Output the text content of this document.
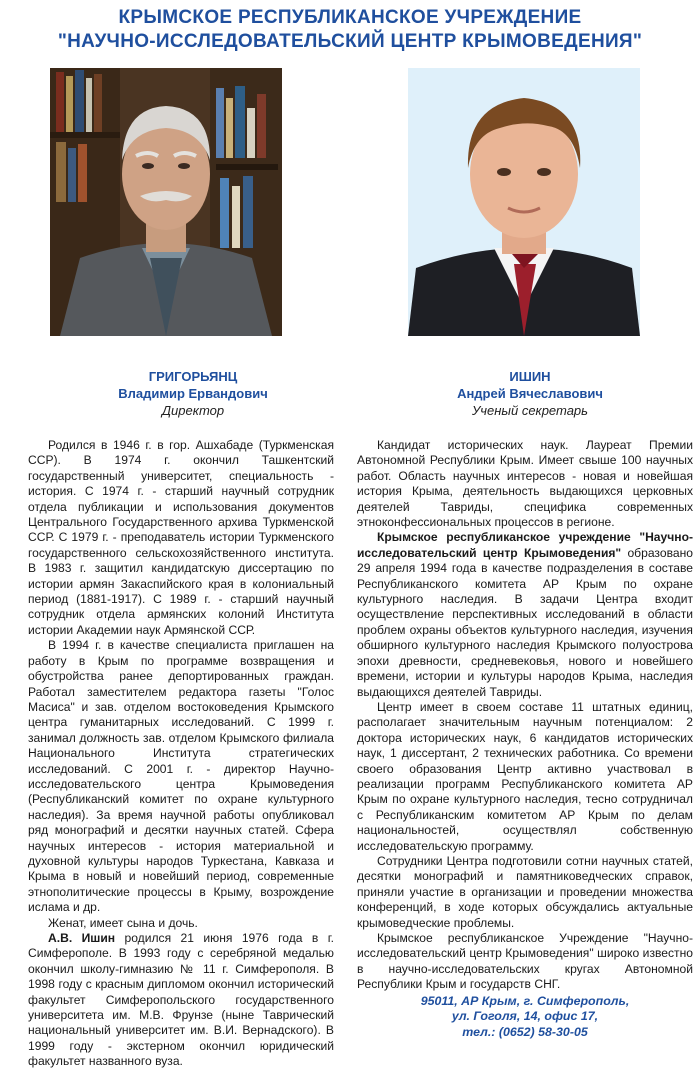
КРЫМСКОЕ РЕСПУБЛИКАНСКОЕ УЧРЕЖДЕНИЕ
"НАУЧНО-ИССЛЕДОВАТЕЛЬСКИЙ ЦЕНТР КРЫМОВЕДЕНИЯ"
ГРИГОРЬЯНЦ
Владимир Ервандович
Директор
ИШИН
Андрей Вячеславович
Ученый секретарь

Родился в 1946 г. в гор. Ашхабаде (Туркменская ССР). В 1974 г. окончил Ташкентский государственный университет, специальность - история. С 1974 г. - старший научный сотрудник отдела публикации и использования документов Центрального Государственного архива Туркменской ССР. С 1979 г. - преподаватель истории Туркменского государственного сельскохозяйственного института. В 1983 г. защитил кандидатскую диссертацию по истории армян Закаспийского края в колониальный период (1881-1917). С 1989 г. - старший научный сотрудник отдела армянских колоний Института истории Академии наук Армянской ССР.

В 1994 г. в качестве специалиста приглашен на работу в Крым по программе возвращения и обустройства ранее депортированных граждан. Работал заместителем редактора газеты "Голос Масиса" и зав. отделом востоковедения Крымского центра гуманитарных исследований. С 1999 г. занимал должность зав. отделом Крымского филиала Национального Института стратегических исследований. С 2001 г. - директор Научно-исследовательского центра Крымоведения (Республиканский комитет по охране культурного наследия). За время научной работы опубликовал ряд монографий и десятки научных статей. Сфера научных интересов - история материальной и духовной культуры народов Туркестана, Кавказа и Крыма в новый и новейший период, современные этнополитические процессы в Крыму, возрождение ислама и др.

Женат, имеет сына и дочь.

А.В. Ишин родился 21 июня 1976 года в г. Симферополе. В 1993 году с серебряной медалью окончил школу-гимназию № 11 г. Симферополя. В 1998 году с красным дипломом окончил исторический факультет Симферопольского государственного университета им. М.В. Фрунзе (ныне Таврический национальный университет им. В.И. Вернадского). В 1999 году - экстерном окончил юридический факультет названного вуза.

Кандидат исторических наук. Лауреат Премии Автономной Республики Крым. Имеет свыше 100 научных работ. Область научных интересов - новая и новейшая история Крыма, деятельность выдающихся церковных деятелей Тавриды, специфика современных этноконфессиональных процессов в регионе.

Крымское республиканское учреждение "Научно-исследовательский центр Крымоведения" образовано 29 апреля 1994 года в качестве подразделения в составе Республиканского комитета АР Крым по охране культурного наследия. В задачи Центра входит осуществление перспективных исследований в области проблем охраны объектов культурного наследия, изучения обширного культурного наследия Крымского полуострова эпохи древности, средневековья, нового и новейшего времени, истории и культуры народов Крыма, наследия выдающихся деятелей Тавриды.

Центр имеет в своем составе 11 штатных единиц, располагает значительным научным потенциалом: 2 доктора исторических наук, 6 кандидатов исторических наук, 1 диссертант, 2 технических работника. Со времени своего образования Центр активно участвовал в реализации программ Республиканского комитета АР Крым по охране культурного наследия, тесно сотрудничал с Республиканским комитетом АР Крым по делам национальностей, осуществлял собственную исследовательскую программу.

Сотрудники Центра подготовили сотни научных статей, десятки монографий и памятниковедческих справок, приняли участие в организации и проведении множества конференций, в ходе которых обсуждались актуальные крымоведческие проблемы.

Крымское республиканское Учреждение "Научно-исследовательский центр Крымоведения" широко известно в научно-исследовательских кругах Автономной Республики Крым и государств СНГ.

95011, АР Крым, г. Симферополь,
ул. Гоголя, 14, офис 17,
тел.: (0652) 58-30-05
